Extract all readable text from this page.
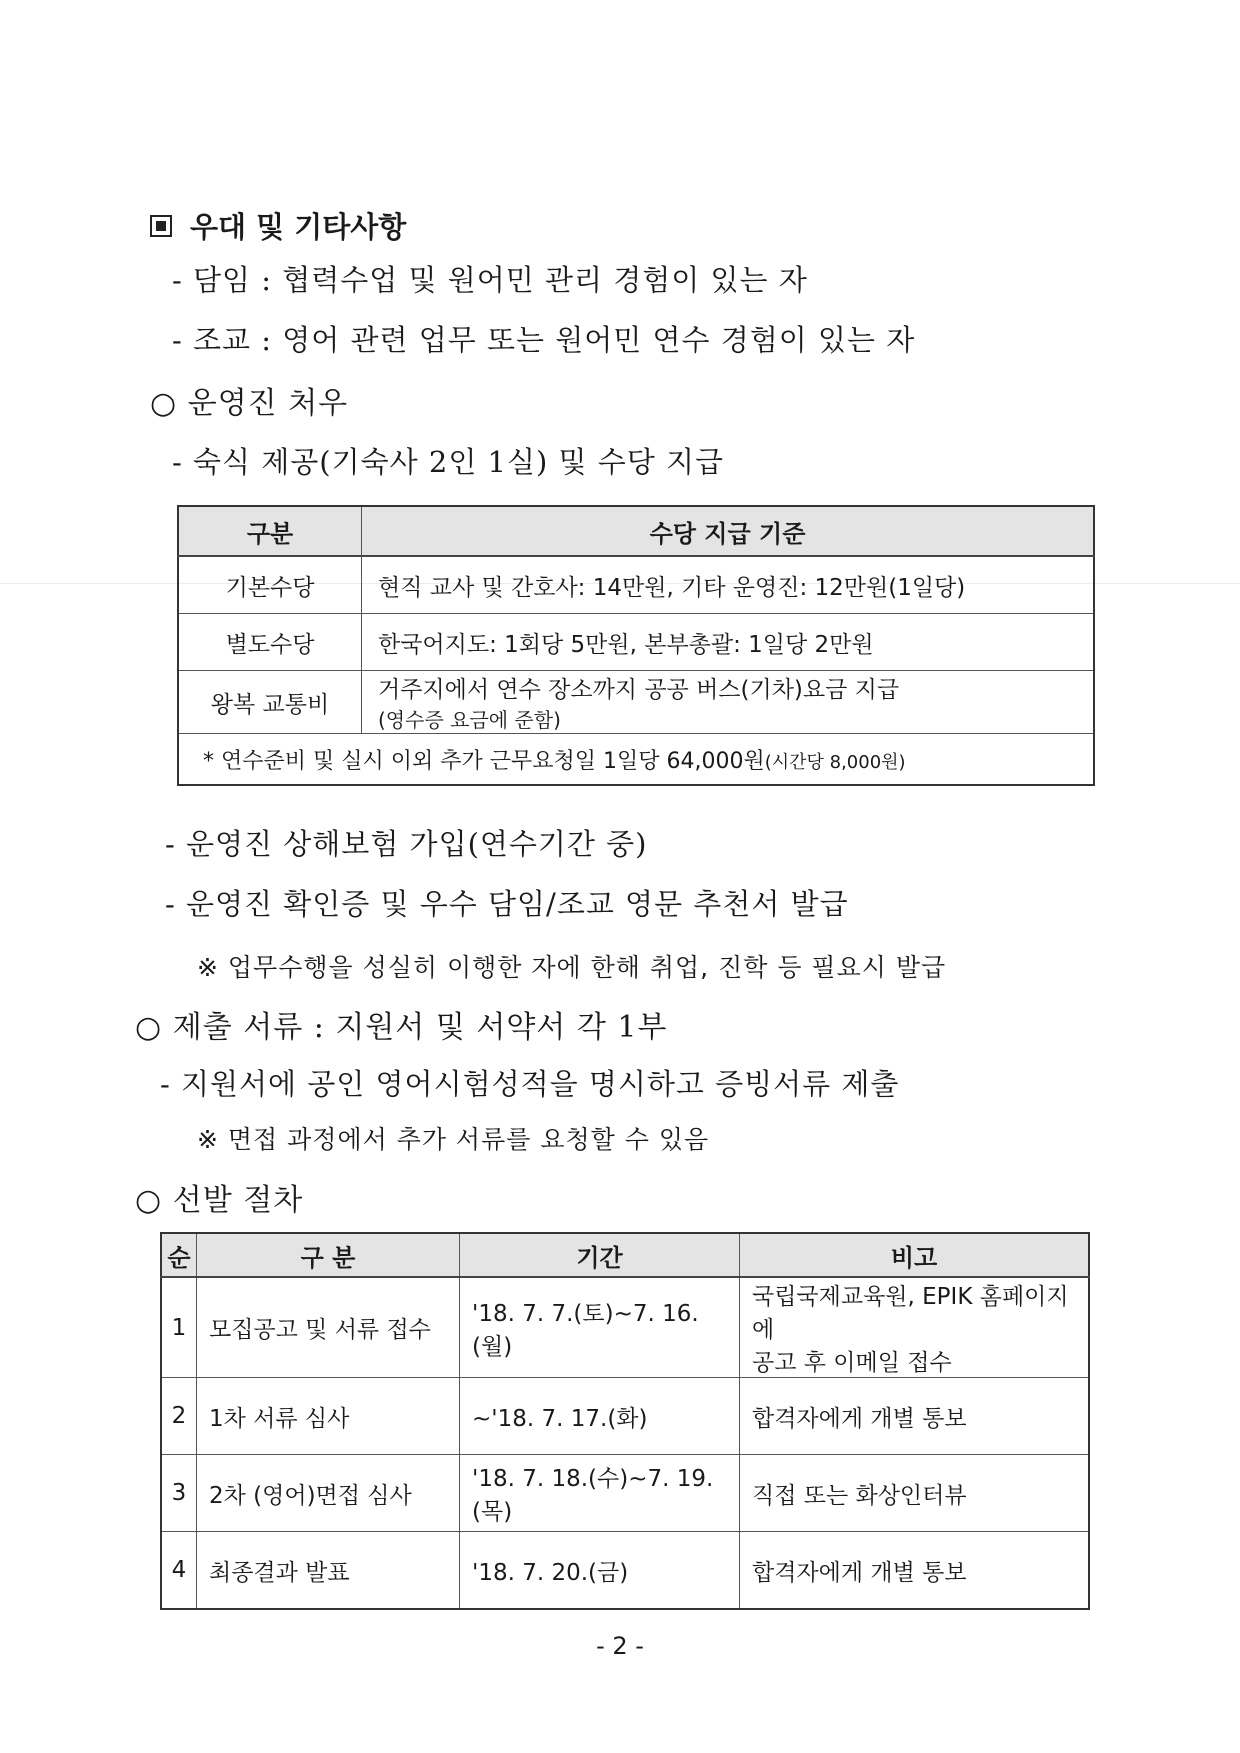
우대 및 기타사항
- 담임 : 협력수업 및 원어민 관리 경험이 있는 자
- 조교 : 영어 관련 업무 또는 원어민 연수 경험이 있는 자
○ 운영진 처우
- 숙식 제공(기숙사 2인 1실) 및 수당 지급
구분	수당 지급 기준
기본수당	현직 교사 및 간호사: 14만원, 기타 운영진: 12만원(1일당)
별도수당	한국어지도: 1회당 5만원, 본부총괄: 1일당 2만원
왕복 교통비	거주지에서 연수 장소까지 공공 버스(기차)요금 지급
(영수증 요금에 준함)

* 연수준비 및 실시 이외 추가 근무요청일 1일당 64,000원(시간당 8,000원)	
- 운영진 상해보험 가입(연수기간 중)
- 운영진 확인증 및 우수 담임/조교 영문 추천서 발급
※ 업무수행을 성실히 이행한 자에 한해 취업, 진학 등 필요시 발급
○ 제출 서류 : 지원서 및 서약서 각 1부
- 지원서에 공인 영어시험성적을 명시하고 증빙서류 제출
※ 면접 과정에서 추가 서류를 요청할 수 있음
○ 선발 절차
순	구 분	기간	비고
1	모집공고 및 서류 접수	'18. 7. 7.(토)~7. 16.(월)	국립국제교육원, EPIK 홈페이지에
공고 후 이메일 접수

2	1차 서류 심사	~'18. 7. 17.(화)	합격자에게 개별 통보
3	2차 (영어)면접 심사	'18. 7. 18.(수)~7. 19.(목)	직접 또는 화상인터뷰
4	최종결과 발표	'18. 7. 20.(금)	합격자에게 개별 통보
- 2 -
